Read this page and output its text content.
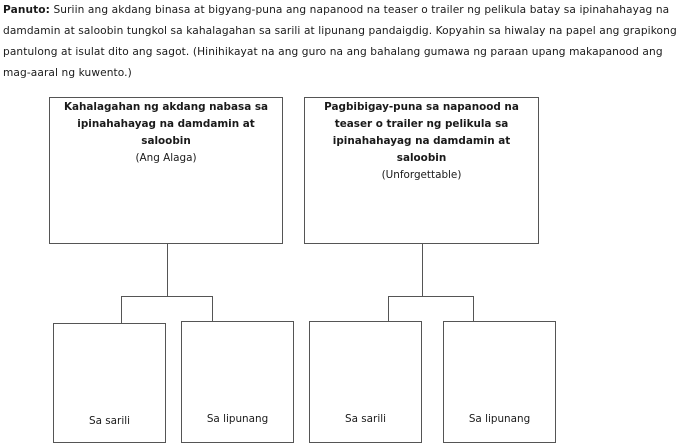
Panuto: Suriin ang akdang binasa at bigyang-puna ang napanood na teaser o trailer ng pelikula batay sa ipinahahayag na damdamin at saloobin tungkol sa kahalagahan sa sarili at lipunang pandaigdig. Kopyahin sa hiwalay na papel ang grapikong pantulong at isulat dito ang sagot. (Hinihikayat na ang guro na ang bahalang gumawa ng paraan upang makapanood ang mag-aaral ng kuwento.)
Kahalagahan ng akdang nabasa sa
ipinahahayag na damdamin at
saloobin
(Ang Alaga)
Pagbibigay-puna sa napanood na
teaser o trailer ng pelikula sa
ipinahahayag na damdamin at
saloobin
(Unforgettable)
Sa sarili	Sa lipunang	Sa sarili	Sa lipunang
